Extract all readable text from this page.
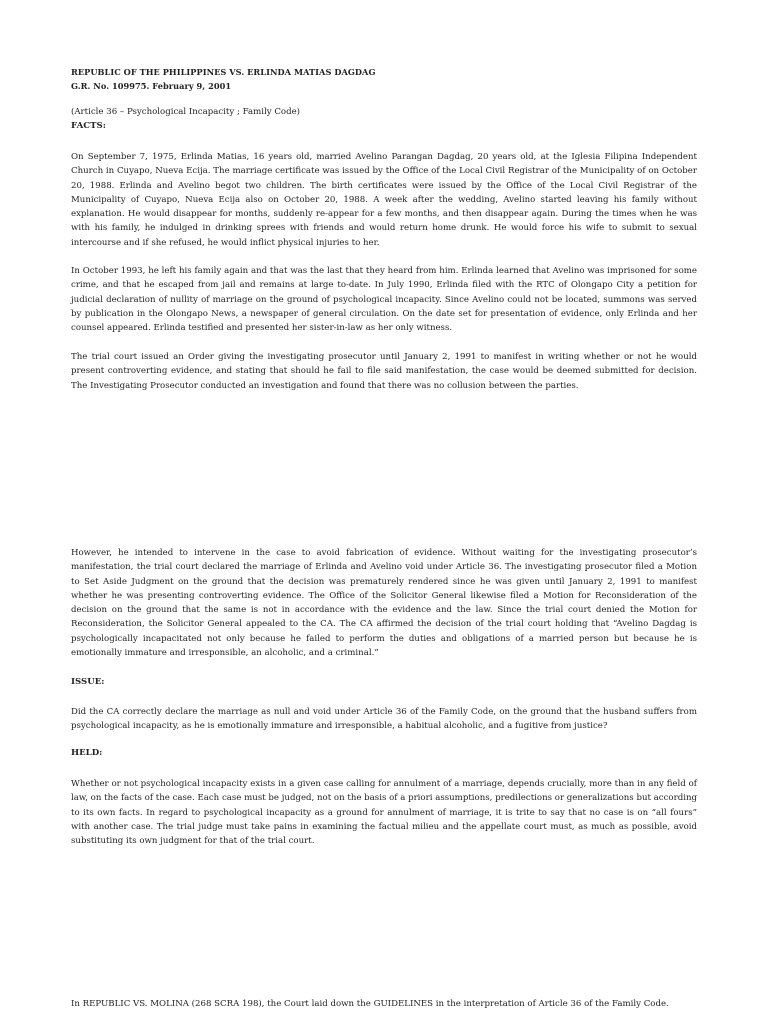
REPUBLIC OF THE PHILIPPINES VS. ERLINDA MATIAS DAGDAG
G.R. No. 109975. February 9, 2001
(Article 36 – Psychological Incapacity ; Family Code)
FACTS:
On September 7, 1975, Erlinda Matias, 16 years old, married Avelino Parangan Dagdag, 20 years old, at the Iglesia Filipina Independent Church in Cuyapo, Nueva Ecija. The marriage certificate was issued by the Office of the Local Civil Registrar of the Municipality of on October 20, 1988. Erlinda and Avelino begot two children. The birth certificates were issued by the Office of the Local Civil Registrar of the Municipality of Cuyapo, Nueva Ecija also on October 20, 1988. A week after the wedding, Avelino started leaving his family without explanation. He would disappear for months, suddenly re-appear for a few months, and then disappear again. During the times when he was with his family, he indulged in drinking sprees with friends and would return home drunk. He would force his wife to submit to sexual intercourse and if she refused, he would inflict physical injuries to her.
In October 1993, he left his family again and that was the last that they heard from him. Erlinda learned that Avelino was imprisoned for some crime, and that he escaped from jail and remains at large to-date. In July 1990, Erlinda filed with the RTC of Olongapo City a petition for judicial declaration of nullity of marriage on the ground of psychological incapacity. Since Avelino could not be located, summons was served by publication in the Olongapo News, a newspaper of general circulation. On the date set for presentation of evidence, only Erlinda and her counsel appeared. Erlinda testified and presented her sister-in-law as her only witness.
The trial court issued an Order giving the investigating prosecutor until January 2, 1991 to manifest in writing whether or not he would present controverting evidence, and stating that should he fail to file said manifestation, the case would be deemed submitted for decision. The Investigating Prosecutor conducted an investigation and found that there was no collusion between the parties.
However, he intended to intervene in the case to avoid fabrication of evidence. Without waiting for the investigating prosecutor’s manifestation, the trial court declared the marriage of Erlinda and Avelino void under Article 36. The investigating prosecutor filed a Motion to Set Aside Judgment on the ground that the decision was prematurely rendered since he was given until January 2, 1991 to manifest whether he was presenting controverting evidence. The Office of the Solicitor General likewise filed a Motion for Reconsideration of the decision on the ground that the same is not in accordance with the evidence and the law. Since the trial court denied the Motion for Reconsideration, the Solicitor General appealed to the CA. The CA affirmed the decision of the trial court holding that “Avelino Dagdag is psychologically incapacitated not only because he failed to perform the duties and obligations of a married person but because he is emotionally immature and irresponsible, an alcoholic, and a criminal.”
ISSUE:
Did the CA correctly declare the marriage as null and void under Article 36 of the Family Code, on the ground that the husband suffers from psychological incapacity, as he is emotionally immature and irresponsible, a habitual alcoholic, and a fugitive from justice?
HELD:
Whether or not psychological incapacity exists in a given case calling for annulment of a marriage, depends crucially, more than in any field of law, on the facts of the case. Each case must be judged, not on the basis of a priori assumptions, predilections or generalizations but according to its own facts. In regard to psychological incapacity as a ground for annulment of marriage, it is trite to say that no case is on “all fours” with another case. The trial judge must take pains in examining the factual milieu and the appellate court must, as much as possible, avoid substituting its own judgment for that of the trial court.
In REPUBLIC VS. MOLINA (268 SCRA 198), the Court laid down the GUIDELINES in the interpretation of Article 36 of the Family Code.
